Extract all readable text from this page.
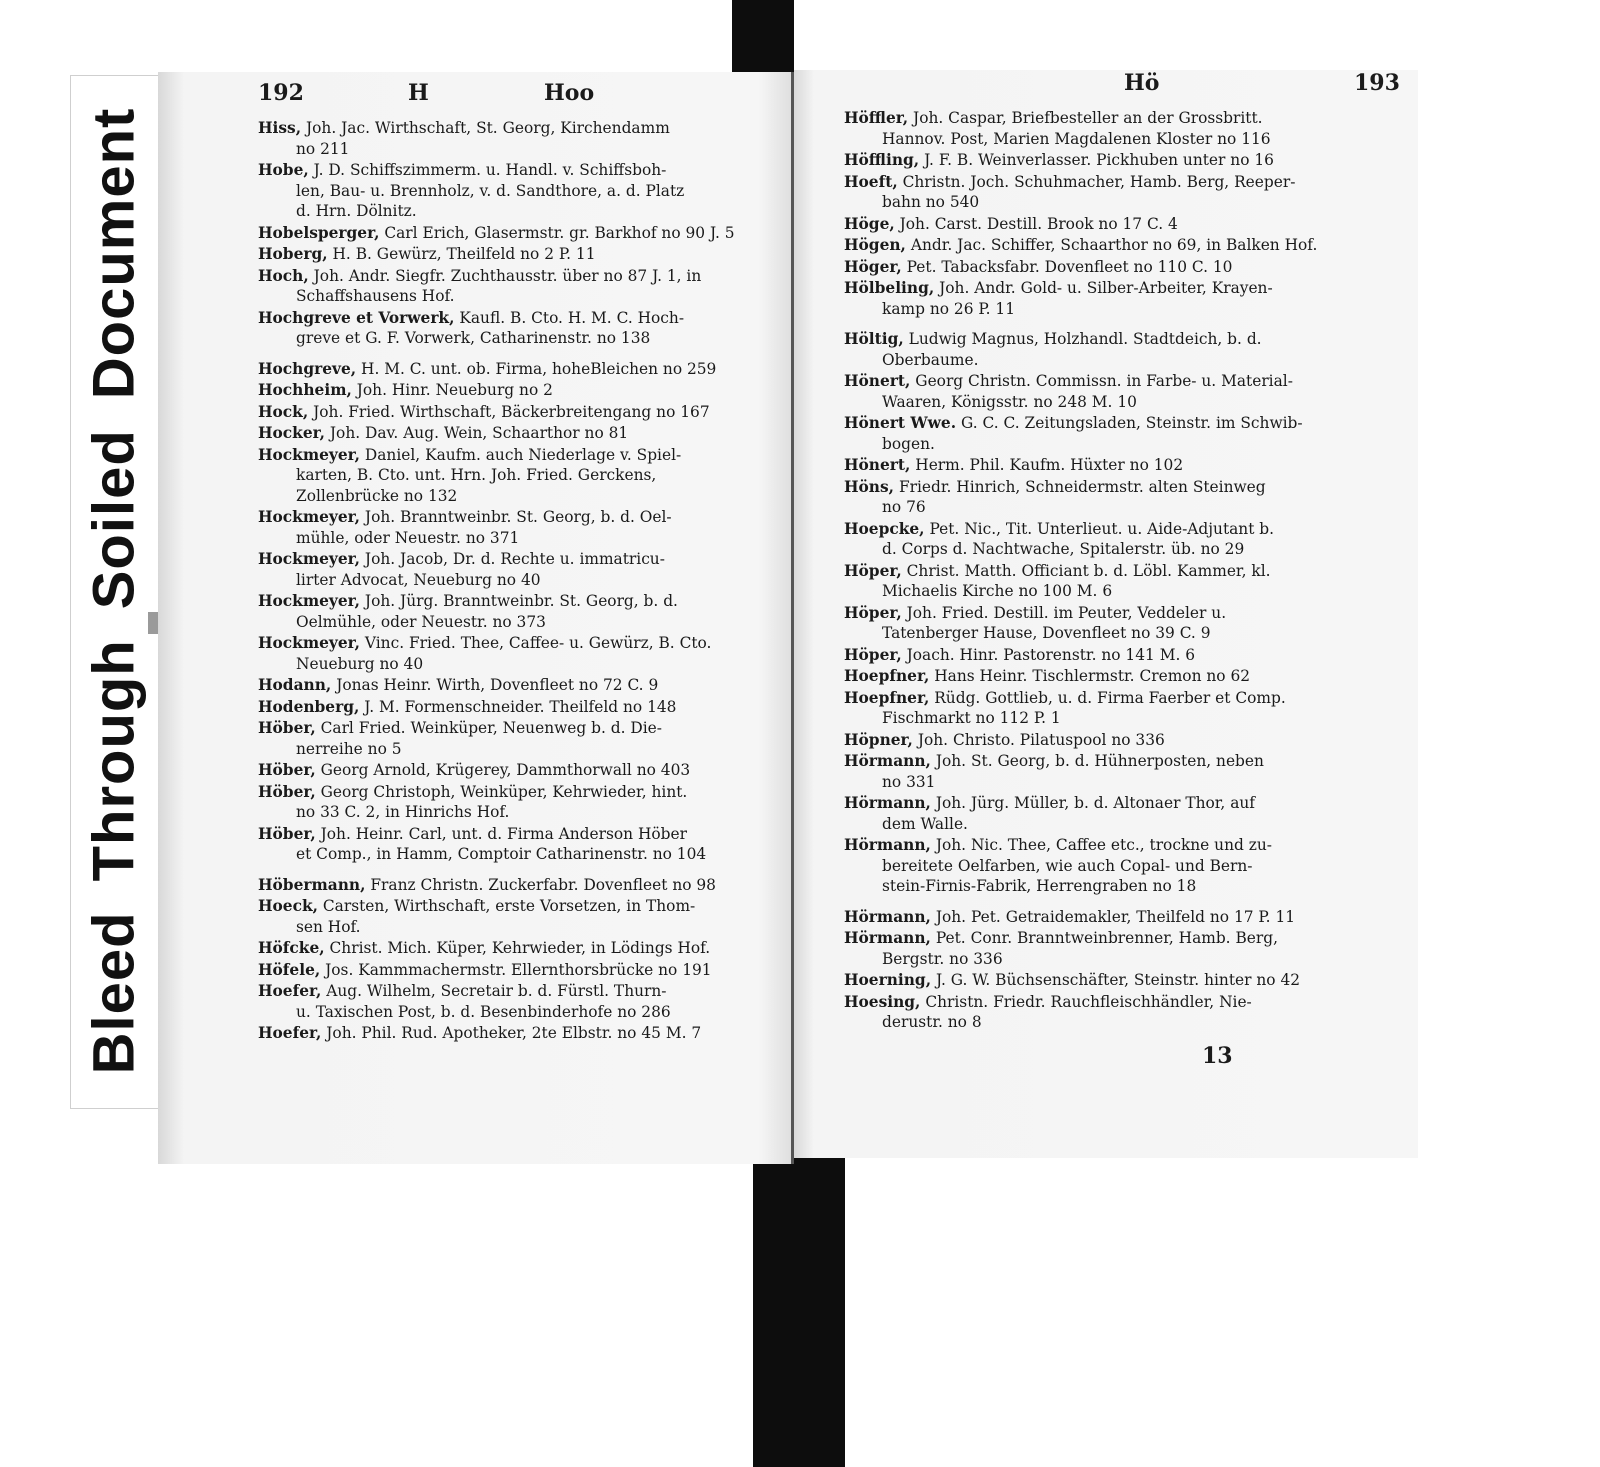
BleedThroughSoiledDocument
192	H	Hoo
Hiss, Joh. Jac. Wirthschaft, St. Georg, Kirchendamm
no 211
Hobe, J. D. Schiffszimmerm. u. Handl. v. Schiffsboh-
len, Bau- u. Brennholz, v. d. Sandthore, a. d. Platz
d. Hrn. Dölnitz.
Hobelsperger, Carl Erich, Glasermstr. gr. Barkhof no 90 J. 5
Hoberg, H. B. Gewürz, Theilfeld no 2 P. 11
Hoch, Joh. Andr. Siegfr. Zuchthausstr. über no 87 J. 1, in
Schaffshausens Hof.
Hochgreve et Vorwerk, Kaufl. B. Cto. H. M. C. Hoch-
greve et G. F. Vorwerk, Catharinenstr. no 138
Hochgreve, H. M. C. unt. ob. Firma, hoheBleichen no 259
Hochheim, Joh. Hinr. Neueburg no 2
Hock, Joh. Fried. Wirthschaft, Bäckerbreitengang no 167
Hocker, Joh. Dav. Aug. Wein, Schaarthor no 81
Hockmeyer, Daniel, Kaufm. auch Niederlage v. Spiel-
karten, B. Cto. unt. Hrn. Joh. Fried. Gerckens,
Zollenbrücke no 132
Hockmeyer, Joh. Branntweinbr. St. Georg, b. d. Oel-
mühle, oder Neuestr. no 371
Hockmeyer, Joh. Jacob, Dr. d. Rechte u. immatricu-
lirter Advocat, Neueburg no 40
Hockmeyer, Joh. Jürg. Branntweinbr. St. Georg, b. d.
Oelmühle, oder Neuestr. no 373
Hockmeyer, Vinc. Fried. Thee, Caffee- u. Gewürz, B. Cto.
Neueburg no 40
Hodann, Jonas Heinr. Wirth, Dovenfleet no 72 C. 9
Hodenberg, J. M. Formenschneider. Theilfeld no 148
Höber, Carl Fried. Weinküper, Neuenweg b. d. Die-
nerreihe no 5
Höber, Georg Arnold, Krügerey, Dammthorwall no 403
Höber, Georg Christoph, Weinküper, Kehrwieder, hint.
no 33 C. 2, in Hinrichs Hof.
Höber, Joh. Heinr. Carl, unt. d. Firma Anderson Höber
et Comp., in Hamm, Comptoir Catharinenstr. no 104
Höbermann, Franz Christn. Zuckerfabr. Dovenfleet no 98
Hoeck, Carsten, Wirthschaft, erste Vorsetzen, in Thom-
sen Hof.
Höfcke, Christ. Mich. Küper, Kehrwieder, in Lödings Hof.
Höfele, Jos. Kammmachermstr. Ellernthorsbrücke no 191
Hoefer, Aug. Wilhelm, Secretair b. d. Fürstl. Thurn-
u. Taxischen Post, b. d. Besenbinderhofe no 286
Hoefer, Joh. Phil. Rud. Apotheker, 2te Elbstr. no 45 M. 7
Hö	193
Höffler, Joh. Caspar, Briefbesteller an der Grossbritt.
Hannov. Post, Marien Magdalenen Kloster no 116
Höffling, J. F. B. Weinverlasser. Pickhuben unter no 16
Hoeft, Christn. Joch. Schuhmacher, Hamb. Berg, Reeper-
bahn no 540
Höge, Joh. Carst. Destill. Brook no 17 C. 4
Högen, Andr. Jac. Schiffer, Schaarthor no 69, in Balken Hof.
Höger, Pet. Tabacksfabr. Dovenfleet no 110 C. 10
Hölbeling, Joh. Andr. Gold- u. Silber-Arbeiter, Krayen-
kamp no 26 P. 11
Höltig, Ludwig Magnus, Holzhandl. Stadtdeich, b. d.
Oberbaume.
Hönert, Georg Christn. Commissn. in Farbe- u. Material-
Waaren, Königsstr. no 248 M. 10
Hönert Wwe. G. C. C. Zeitungsladen, Steinstr. im Schwib-
bogen.
Hönert, Herm. Phil. Kaufm. Hüxter no 102
Höns, Friedr. Hinrich, Schneidermstr. alten Steinweg
no 76
Hoepcke, Pet. Nic., Tit. Unterlieut. u. Aide-Adjutant b.
d. Corps d. Nachtwache, Spitalerstr. üb. no 29
Höper, Christ. Matth. Officiant b. d. Löbl. Kammer, kl.
Michaelis Kirche no 100 M. 6
Höper, Joh. Fried. Destill. im Peuter, Veddeler u.
Tatenberger Hause, Dovenfleet no 39 C. 9
Höper, Joach. Hinr. Pastorenstr. no 141 M. 6
Hoepfner, Hans Heinr. Tischlermstr. Cremon no 62
Hoepfner, Rüdg. Gottlieb, u. d. Firma Faerber et Comp.
Fischmarkt no 112 P. 1
Höpner, Joh. Christo. Pilatuspool no 336
Hörmann, Joh. St. Georg, b. d. Hühnerposten, neben
no 331
Hörmann, Joh. Jürg. Müller, b. d. Altonaer Thor, auf
dem Walle.
Hörmann, Joh. Nic. Thee, Caffee etc., trockne und zu-
bereitete Oelfarben, wie auch Copal- und Bern-
stein-Firnis-Fabrik, Herrengraben no 18
Hörmann, Joh. Pet. Getraidemakler, Theilfeld no 17 P. 11
Hörmann, Pet. Conr. Branntweinbrenner, Hamb. Berg,
Bergstr. no 336
Hoerning, J. G. W. Büchsenschäfter, Steinstr. hinter no 42
Hoesing, Christn. Friedr. Rauchfleischhändler, Nie-
derustr. no 8
13
